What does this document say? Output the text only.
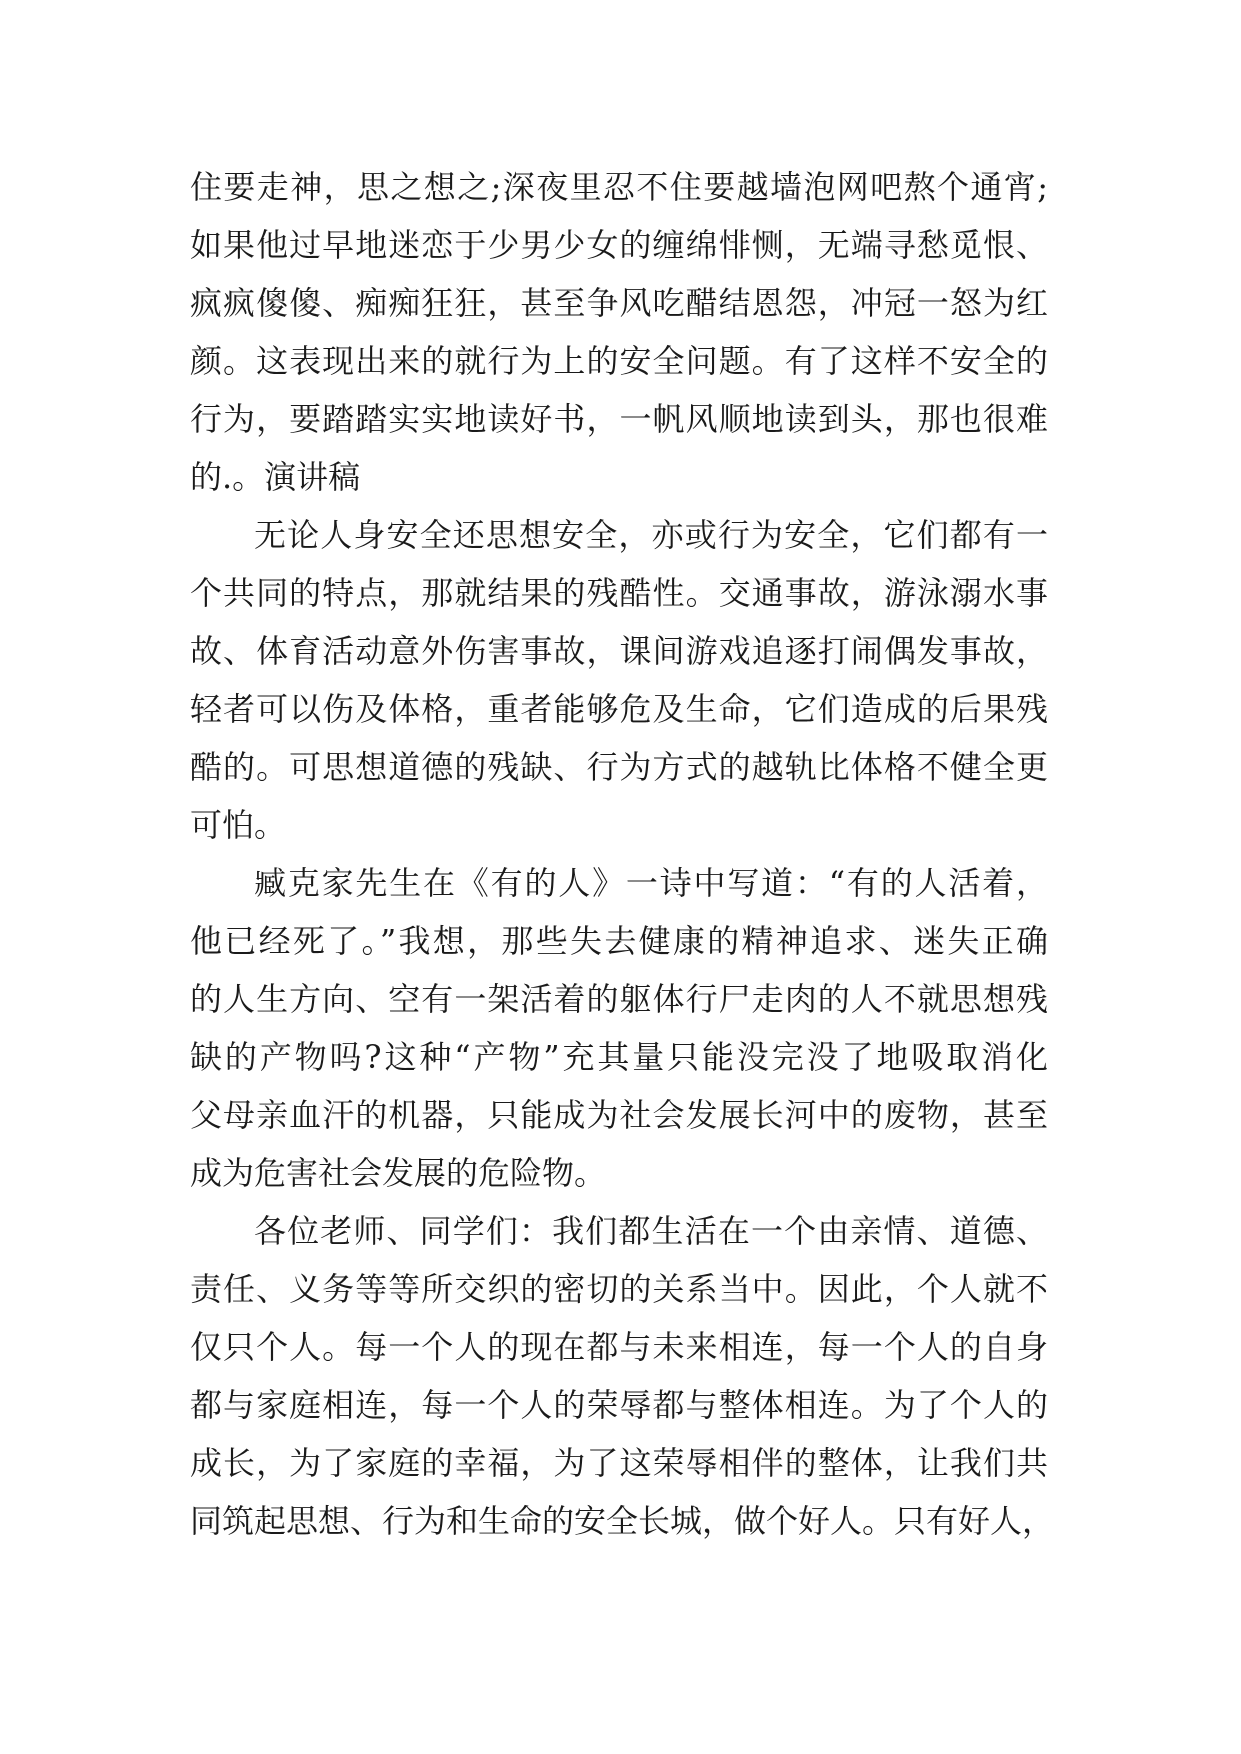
住要走神，思之想之;深夜里忍不住要越墙泡网吧熬个通宵;
如果他过早地迷恋于少男少女的缠绵悱恻，无端寻愁觅恨、
疯疯傻傻、痴痴狂狂，甚至争风吃醋结恩怨，冲冠一怒为红
颜。这表现出来的就行为上的安全问题。有了这样不安全的
行为，要踏踏实实地读好书，一帆风顺地读到头，那也很难
的.。演讲稿
无论人身安全还思想安全，亦或行为安全，它们都有一
个共同的特点，那就结果的残酷性。交通事故，游泳溺水事
故、体育活动意外伤害事故，课间游戏追逐打闹偶发事故，
轻者可以伤及体格，重者能够危及生命，它们造成的后果残
酷的。可思想道德的残缺、行为方式的越轨比体格不健全更
可怕。
臧克家先生在《有的人》一诗中写道：“有的人活着，
他已经死了。”我想，那些失去健康的精神追求、迷失正确
的人生方向、空有一架活着的躯体行尸走肉的人不就思想残
缺的产物吗?这种“产物”充其量只能没完没了地吸取消化
父母亲血汗的机器，只能成为社会发展长河中的废物，甚至
成为危害社会发展的危险物。
各位老师、同学们：我们都生活在一个由亲情、道德、
责任、义务等等所交织的密切的关系当中。因此，个人就不
仅只个人。每一个人的现在都与未来相连，每一个人的自身
都与家庭相连，每一个人的荣辱都与整体相连。为了个人的
成长，为了家庭的幸福，为了这荣辱相伴的整体，让我们共
同筑起思想、行为和生命的安全长城，做个好人。只有好人，
